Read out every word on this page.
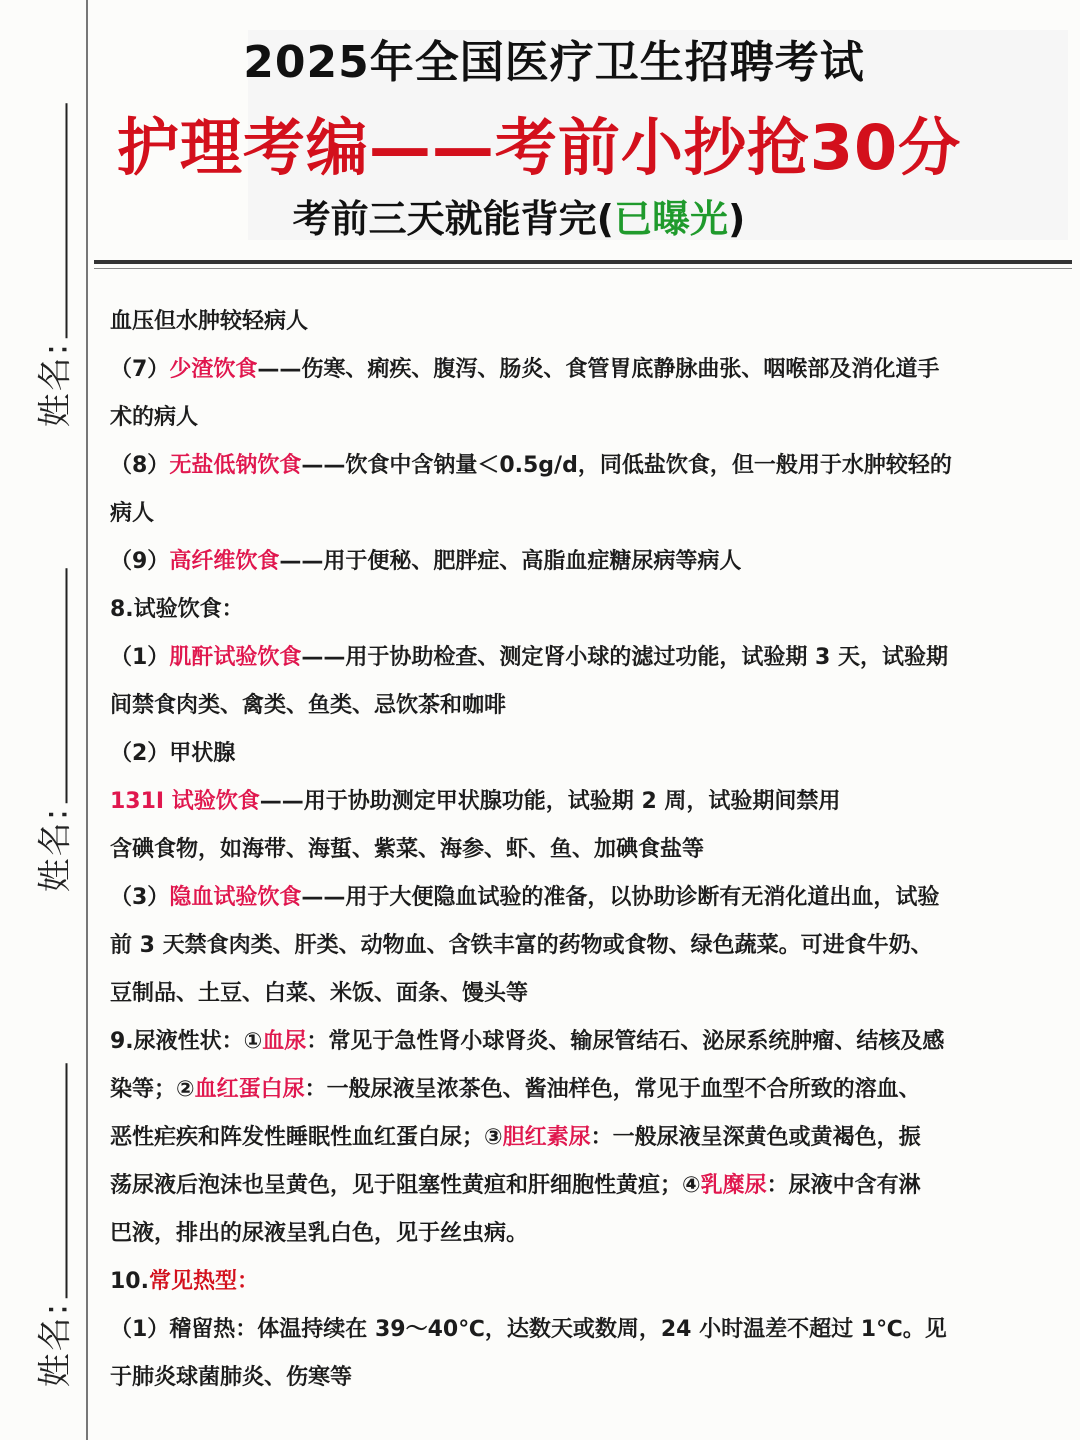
姓名:
姓名:
姓名:
2025年全国医疗卫生招聘考试
护理考编——考前小抄抢30分
考前三天就能背完(已曝光)
血压但水肿较轻病人
（7）少渣饮食——伤寒、痢疾、腹泻、肠炎、食管胃底静脉曲张、咽喉部及消化道手
术的病人
（8）无盐低钠饮食——饮食中含钠量＜0.5g/d，同低盐饮食，但一般用于水肿较轻的
病人
（9）高纤维饮食——用于便秘、肥胖症、高脂血症糖尿病等病人
8.试验饮食：
（1）肌酐试验饮食——用于协助检查、测定肾小球的滤过功能，试验期 3 天，试验期
间禁食肉类、禽类、鱼类、忌饮茶和咖啡
（2）甲状腺
131I 试验饮食——用于协助测定甲状腺功能，试验期 2 周，试验期间禁用
含碘食物，如海带、海蜇、紫菜、海参、虾、鱼、加碘食盐等
（3）隐血试验饮食——用于大便隐血试验的准备，以协助诊断有无消化道出血，试验
前 3 天禁食肉类、肝类、动物血、含铁丰富的药物或食物、绿色蔬菜。可进食牛奶、
豆制品、土豆、白菜、米饭、面条、馒头等
9.尿液性状：①血尿：常见于急性肾小球肾炎、输尿管结石、泌尿系统肿瘤、结核及感
染等；②血红蛋白尿：一般尿液呈浓茶色、酱油样色，常见于血型不合所致的溶血、
恶性疟疾和阵发性睡眠性血红蛋白尿；③胆红素尿：一般尿液呈深黄色或黄褐色，振
荡尿液后泡沫也呈黄色，见于阻塞性黄疸和肝细胞性黄疸；④乳糜尿：尿液中含有淋
巴液，排出的尿液呈乳白色，见于丝虫病。
10.常见热型：
（1）稽留热：体温持续在 39～40℃，达数天或数周，24 小时温差不超过 1℃。见
于肺炎球菌肺炎、伤寒等
